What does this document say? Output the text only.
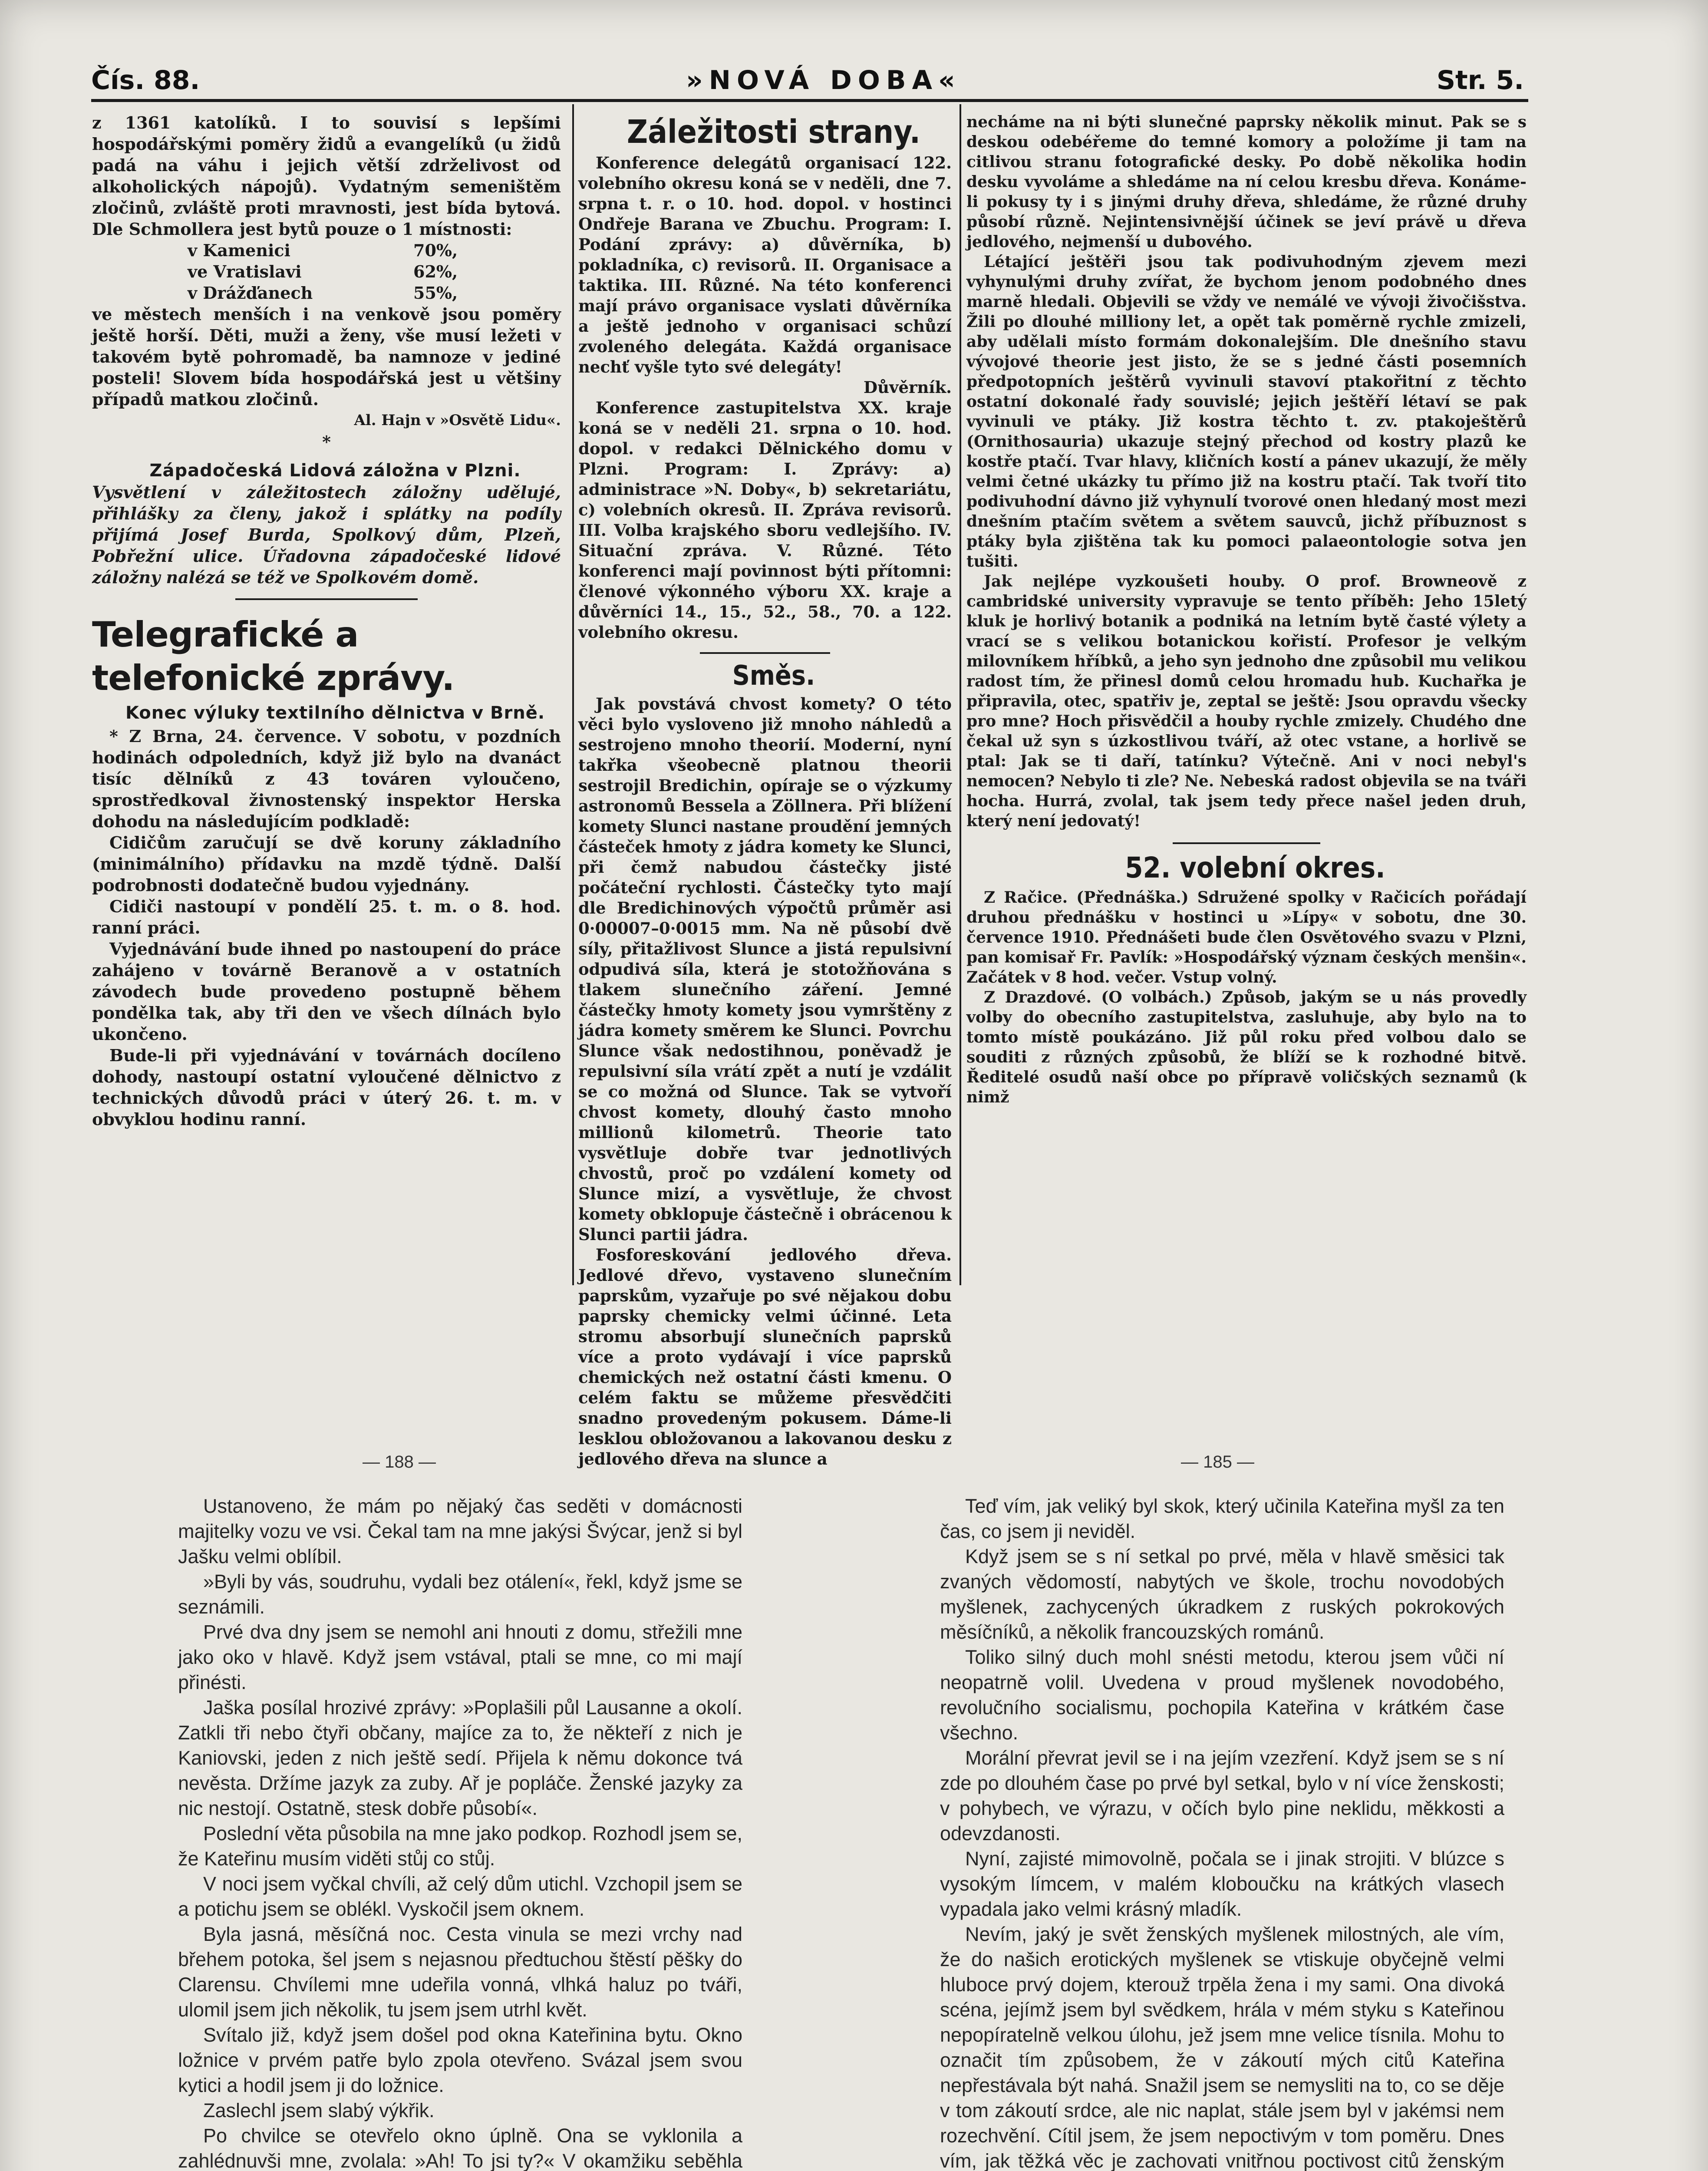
Čís. 88.	»NOVÁ DOBA«	Str. 5.

z 1361 katolíků. I to souvisí s lepšími hospodářskými poměry židů a evangelíků (u židů padá na váhu i jejich větší zdrželivost od alkoholických nápojů). Vydatným semeništěm zločinů, zvláště proti mravnosti, jest bída bytová. Dle Schmollera jest bytů pouze o 1 místnosti:

v Kamenici	70%,
ve Vratislavi	62%,
v Drážďanech	55%,

ve městech menších i na venkově jsou poměry ještě horší. Děti, muži a ženy, vše musí ležeti v takovém bytě pohromadě, ba namnoze v jediné posteli! Slovem bída hospodářská jest u většiny případů matkou zločinů.

Al. Hajn v »Osvětě Lidu«.

*

Západočeská Lidová záložna v Plzni.

Vysvětlení v záležitostech záložny udělujé, přihlášky za členy, jakož i splátky na podíly přijímá Josef Burda, Spolkový dům, Plzeň, Pobřežní ulice. Úřadovna západočeské lidové záložny nalézá se též ve Spolkovém domě.

Telegrafické a telefonické zprávy.

Konec výluky textilního dělnictva v Brně.

* Z Brna, 24. července. V sobotu, v pozdních hodinách odpoledních, když již bylo na dvanáct tisíc dělníků z 43 továren vyloučeno, sprostředkoval živnostenský inspektor Herska dohodu na následujícím podkladě:

Cidičům zaručují se dvě koruny základního (minimálního) přídavku na mzdě týdně. Další podrobnosti dodatečně budou vyjednány.

Cidiči nastoupí v pondělí 25. t. m. o 8. hod. ranní práci.

Vyjednávání bude ihned po nastoupení do práce zahájeno v továrně Beranově a v ostatních závodech bude provedeno postupně během pondělka tak, aby tři den ve všech dílnách bylo ukončeno.

Bude-li při vyjednávání v továrnách docíleno dohody, nastoupí ostatní vyloučené dělnictvo z technických důvodů práci v úterý 26. t. m. v obvyklou hodinu ranní.

Záležitosti strany.

Konference delegátů organisací 122. volebního okresu koná se v neděli, dne 7. srpna t. r. o 10. hod. dopol. v hostinci Ondřeje Barana ve Zbuchu. Program: I. Podání zprávy: a) důvěrníka, b) pokladníka, c) revisorů. II. Organisace a taktika. III. Různé. Na této konferenci mají právo organisace vyslati důvěrníka a ještě jednoho v organisaci schůzí zvoleného delegáta. Každá organisace nechť vyšle tyto své delegáty!

Důvěrník.

Konference zastupitelstva XX. kraje koná se v neděli 21. srpna o 10. hod. dopol. v redakci Dělnického domu v Plzni. Program: I. Zprávy: a) administrace »N. Doby«, b) sekretariátu, c) volebních okresů. II. Zpráva revisorů. III. Volba krajského sboru vedlejšího. IV. Situační zpráva. V. Různé. Této konferenci mají povinnost býti přítomni: členové výkonného výboru XX. kraje a důvěrníci 14., 15., 52., 58., 70. a 122. volebního okresu.

Směs.

Jak povstává chvost komety? O této věci bylo vysloveno již mnoho náhledů a sestrojeno mnoho theorií. Moderní, nyní takřka všeobecně platnou theorii sestrojil Bredichin, opíraje se o výzkumy astronomů Bessela a Zöllnera. Při blížení komety Slunci nastane proudění jemných částeček hmoty z jádra komety ke Slunci, při čemž nabudou částečky jisté počáteční rychlosti. Částečky tyto mají dle Bredichinových výpočtů průměr asi 0·00007–0·0015 mm. Na ně působí dvě síly, přitažlivost Slunce a jistá repulsivní odpudivá síla, která je stotožňována s tlakem slunečního záření. Jemné částečky hmoty komety jsou vymrštěny z jádra komety směrem ke Slunci. Povrchu Slunce však nedostihnou, poněvadž je repulsivní síla vrátí zpět a nutí je vzdálit se co možná od Slunce. Tak se vytvoří chvost komety, dlouhý často mnoho millionů kilometrů. Theorie tato vysvětluje dobře tvar jednotlivých chvostů, proč po vzdálení komety od Slunce mizí, a vysvětluje, že chvost komety obklopuje částečně i obrácenou k Slunci partii jádra.

Fosforeskování jedlového dřeva. Jedlové dřevo, vystaveno slunečním paprskům, vyzařuje po své nějakou dobu paprsky chemicky velmi účinné. Leta stromu absorbují slunečních paprsků více a proto vydávají i více paprsků chemických než ostatní části kmenu. O celém faktu se můžeme přesvědčiti snadno provedeným pokusem. Dáme-li lesklou obložovanou a lakovanou desku z jedlového dřeva na slunce a

necháme na ni býti slunečné paprsky několik minut. Pak se s deskou odebéřeme do temné komory a položíme ji tam na citlivou stranu fotografické desky. Po době několika hodin desku vyvoláme a shledáme na ní celou kresbu dřeva. Konáme-li pokusy ty i s jinými druhy dřeva, shledáme, že různé druhy působí různě. Nejintensivnější účinek se jeví právě u dřeva jedlového, nejmenší u dubového.

Létající ještěři jsou tak podivuhodným zjevem mezi vyhynulými druhy zvířat, že bychom jenom podobného dnes marně hledali. Objevili se vždy ve nemálé ve vývoji živočišstva. Žili po dlouhé milliony let, a opět tak poměrně rychle zmizeli, aby udělali místo formám dokonalejším. Dle dnešního stavu vývojové theorie jest jisto, že se s jedné části posemních předpotopních ještěrů vyvinuli stavoví ptakořitní z těchto ostatní dokonalé řady souvislé; jejich ještěří létaví se pak vyvinuli ve ptáky. Již kostra těchto t. zv. ptakoještěrů (Ornithosauria) ukazuje stejný přechod od kostry plazů ke kostře ptačí. Tvar hlavy, kličních kostí a pánev ukazují, že měly velmi četné ukázky tu přímo již na kostru ptačí. Tak tvoří tito podivuhodní dávno již vyhynulí tvorové onen hledaný most mezi dnešním ptačím světem a světem sauvců, jichž příbuznost s ptáky byla zjištěna tak ku pomoci palaeontologie sotva jen tušiti.

Jak nejlépe vyzkoušeti houby. O prof. Browneově z cambridské university vypravuje se tento příběh: Jeho 15letý kluk je horlivý botanik a podniká na letním bytě časté výlety a vrací se s velikou botanickou kořistí. Profesor je velkým milovníkem hříbků, a jeho syn jednoho dne způsobil mu velikou radost tím, že přinesl domů celou hromadu hub. Kuchařka je připravila, otec, spatřiv je, zeptal se ještě: Jsou opravdu všecky pro mne? Hoch přisvědčil a houby rychle zmizely. Chudého dne čekal už syn s úzkostlivou tváří, až otec vstane, a horlivě se ptal: Jak se ti daří, tatínku? Výtečně. Ani v noci nebyl's nemocen? Nebylo ti zle? Ne. Nebeská radost objevila se na tváři hocha. Hurrá, zvolal, tak jsem tedy přece našel jeden druh, který není jedovatý!

52. volební okres.

Z Račice. (Přednáška.) Sdružené spolky v Račicích pořádají druhou přednášku v hostinci u »Lípy« v sobotu, dne 30. července 1910. Přednášeti bude člen Osvětového svazu v Plzni, pan komisař Fr. Pavlík: »Hospodářský význam českých menšin«. Začátek v 8 hod. večer. Vstup volný.

Z Drazdové. (O volbách.) Způsob, jakým se u nás provedly volby do obecního zastupitelstva, zasluhuje, aby bylo na to tomto místě poukázáno. Již půl roku před volbou dalo se souditi z různých způsobů, že blíží se k rozhodné bitvě. Ředitelé osudů naší obce po přípravě voličských seznamů (k nimž

— 188 —

Ustanoveno, že mám po nějaký čas seděti v domácnosti majitelky vozu ve vsi. Čekal tam na mne jakýsi Švýcar, jenž si byl Jašku velmi oblíbil.

»Byli by vás, soudruhu, vydali bez otálení«, řekl, když jsme se seznámili.

Prvé dva dny jsem se nemohl ani hnouti z domu, střežili mne jako oko v hlavě. Když jsem vstával, ptali se mne, co mi mají přinésti.

Jaška posílal hrozivé zprávy: »Poplašili půl Lausanne a okolí. Zatkli tři nebo čtyři občany, majíce za to, že někteří z nich je Kaniovski, jeden z nich ještě sedí. Přijela k němu dokonce tvá nevěsta. Držíme jazyk za zuby. Ař je popláče. Ženské jazyky za nic nestojí. Ostatně, stesk dobře působí«.

Poslední věta působila na mne jako podkop. Rozhodl jsem se, že Kateřinu musím viděti stůj co stůj.

V noci jsem vyčkal chvíli, až celý dům utichl. Vzchopil jsem se a potichu jsem se oblékl. Vyskočil jsem oknem.

Byla jasná, měsíčná noc. Cesta vinula se mezi vrchy nad břehem potoka, šel jsem s nejasnou předtuchou štěstí pěšky do Clarensu. Chvílemi mne udeřila vonná, vlhká haluz po tváři, ulomil jsem jich několik, tu jsem jsem utrhl květ.

Svítalo již, když jsem došel pod okna Kateřinina bytu. Okno ložnice v prvém patře bylo zpola otevřeno. Svázal jsem svou kytici a hodil jsem ji do ložnice.

Zaslechl jsem slabý výkřik.

Po chvilce se otevřelo okno úplně. Ona se vyklonila a zahlédnuvši mne, zvolala: »Ah! To jsi ty?« V okamžiku seběhla

— 185 —

Teď vím, jak veliký byl skok, který učinila Kateřina myšl za ten čas, co jsem ji neviděl.

Když jsem se s ní setkal po prvé, měla v hlavě směsici tak zvaných vědomostí, nabytých ve škole, trochu novodobých myšlenek, zachycených úkradkem z ruských pokrokových měsíčníků, a několik francouzských románů.

Toliko silný duch mohl snésti metodu, kterou jsem vůči ní neopatrně volil. Uvedena v proud myšlenek novodobého, revolučního socialismu, pochopila Kateřina v krátkém čase všechno.

Morální převrat jevil se i na jejím vzezření. Když jsem se s ní zde po dlouhém čase po prvé byl setkal, bylo v ní více ženskosti; v pohybech, ve výrazu, v očích bylo pine neklidu, měkkosti a odevzdanosti.

Nyní, zajisté mimovolně, počala se i jinak strojiti. V blúzce s vysokým límcem, v malém kloboučku na krátkých vlasech vypadala jako velmi krásný mladík.

Nevím, jaký je svět ženských myšlenek milostných, ale vím, že do našich erotických myšlenek se vtiskuje obyčejně velmi hluboce prvý dojem, kterouž trpěla žena i my sami. Ona divoká scéna, jejímž jsem byl svědkem, hrála v mém styku s Kateřinou nepopíratelně velkou úlohu, jež jsem mne velice tísnila. Mohu to označit tím způsobem, že v zákoutí mých citů Kateřina nepřestávala být nahá. Snažil jsem se nemysliti na to, co se děje v tom zákoutí srdce, ale nic naplat, stále jsem byl v jakémsi nem rozechvění. Cítil jsem, že jsem nepoctivým v tom poměru. Dnes vím, jak těžká věc je zachovati vnitřnou poctivost citů ženským
